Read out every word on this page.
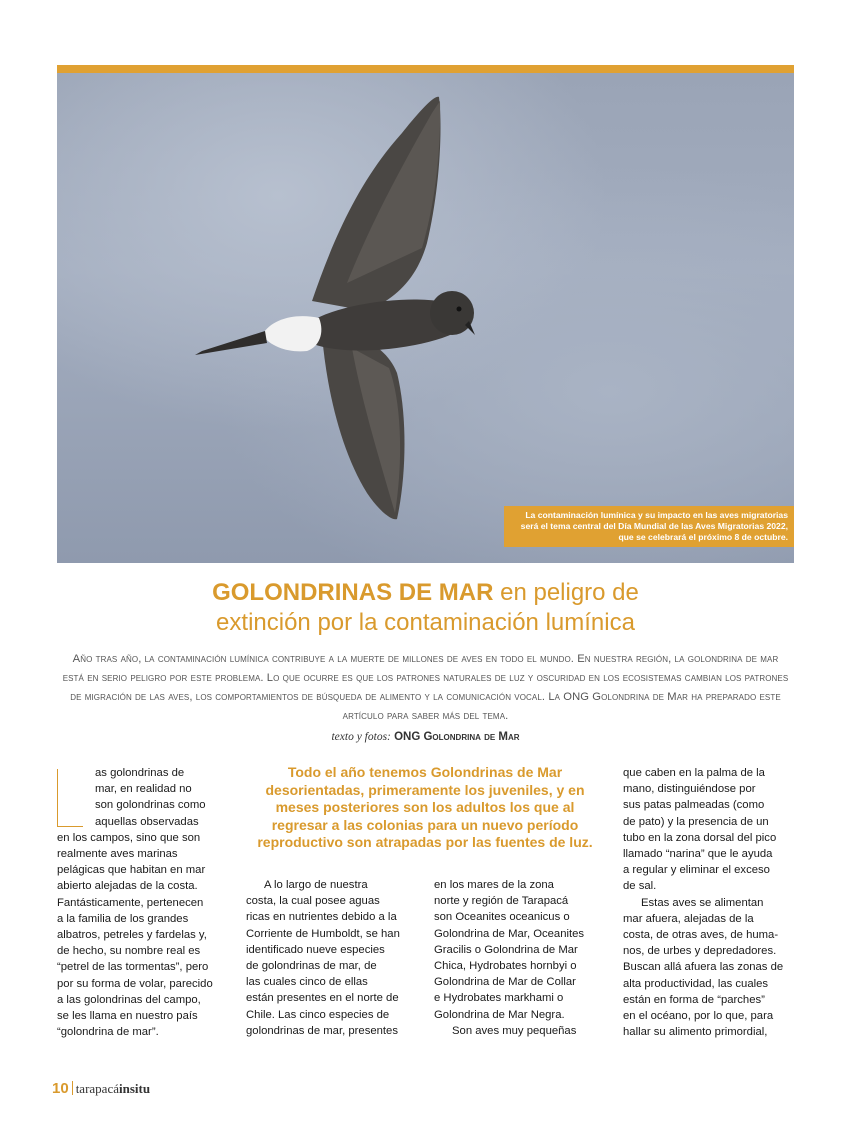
La contaminación lumínica y su impacto en las aves migratorias será el tema central del Día Mundial de las Aves Migratorias 2022, que se celebrará el próximo 8 de octubre.
GOLONDRINAS DE MAR en peligro de
extinción por la contaminación lumínica
Año tras año, la contaminación lumínica contribuye a la muerte de millones de aves en todo el mundo. En nuestra región, la golondrina de mar está en serio peligro por este problema. Lo que ocurre es que los patrones naturales de luz y oscuridad en los ecosistemas cambian los patrones de migración de las aves, los comportamientos de búsqueda de alimento y la comunicación vocal. La ONG Golondrina de Mar ha preparado este artículo para saber más del tema.
texto y fotos: ONG Golondrina de Mar

as golondrinas de

mar, en realidad no

son golondrinas como

aquellas observadas

en los campos, sino que son

realmente aves marinas

pelágicas que habitan en mar

abierto alejadas de la costa.

Fantásticamente, pertenecen

a la familia de los grandes

albatros, petreles y fardelas y,

de hecho, su nombre real es

“petrel de las tormentas”, pero

por su forma de volar, parecido

a las golondrinas del campo,

se les llama en nuestro país

“golondrina de mar”.

Todo el año tenemos Golondrinas de Mar desorientadas, primeramente los juveniles, y en meses posteriores son los adultos los que al regresar a las colonias para un nuevo período reproductivo son atrapadas por las fuentes de luz.

A lo largo de nuestra

costa, la cual posee aguas

ricas en nutrientes debido a la

Corriente de Humboldt, se han

identificado nueve especies

de golondrinas de mar, de

las cuales cinco de ellas

están presentes en el norte de

Chile. Las cinco especies de

golondrinas de mar, presentes

en los mares de la zona

norte y región de Tarapacá

son Oceanites oceanicus o

Golondrina de Mar, Oceanites

Gracilis o Golondrina de Mar

Chica, Hydrobates hornbyi o

Golondrina de Mar de Collar

e Hydrobates markhami o

Golondrina de Mar Negra.

Son aves muy pequeñas

que caben en la palma de la

mano, distinguiéndose por

sus patas palmeadas (como

de pato) y la presencia de un

tubo en la zona dorsal del pico

llamado “narina” que le ayuda

a regular y eliminar el exceso

de sal.

Estas aves se alimentan

mar afuera, alejadas de la

costa, de otras aves, de huma-

nos, de urbes y depredadores.

Buscan allá afuera las zonas de

alta productividad, las cuales

están en forma de “parches”

en el océano, por lo que, para

hallar su alimento primordial,

10 tarapacáinsitu
